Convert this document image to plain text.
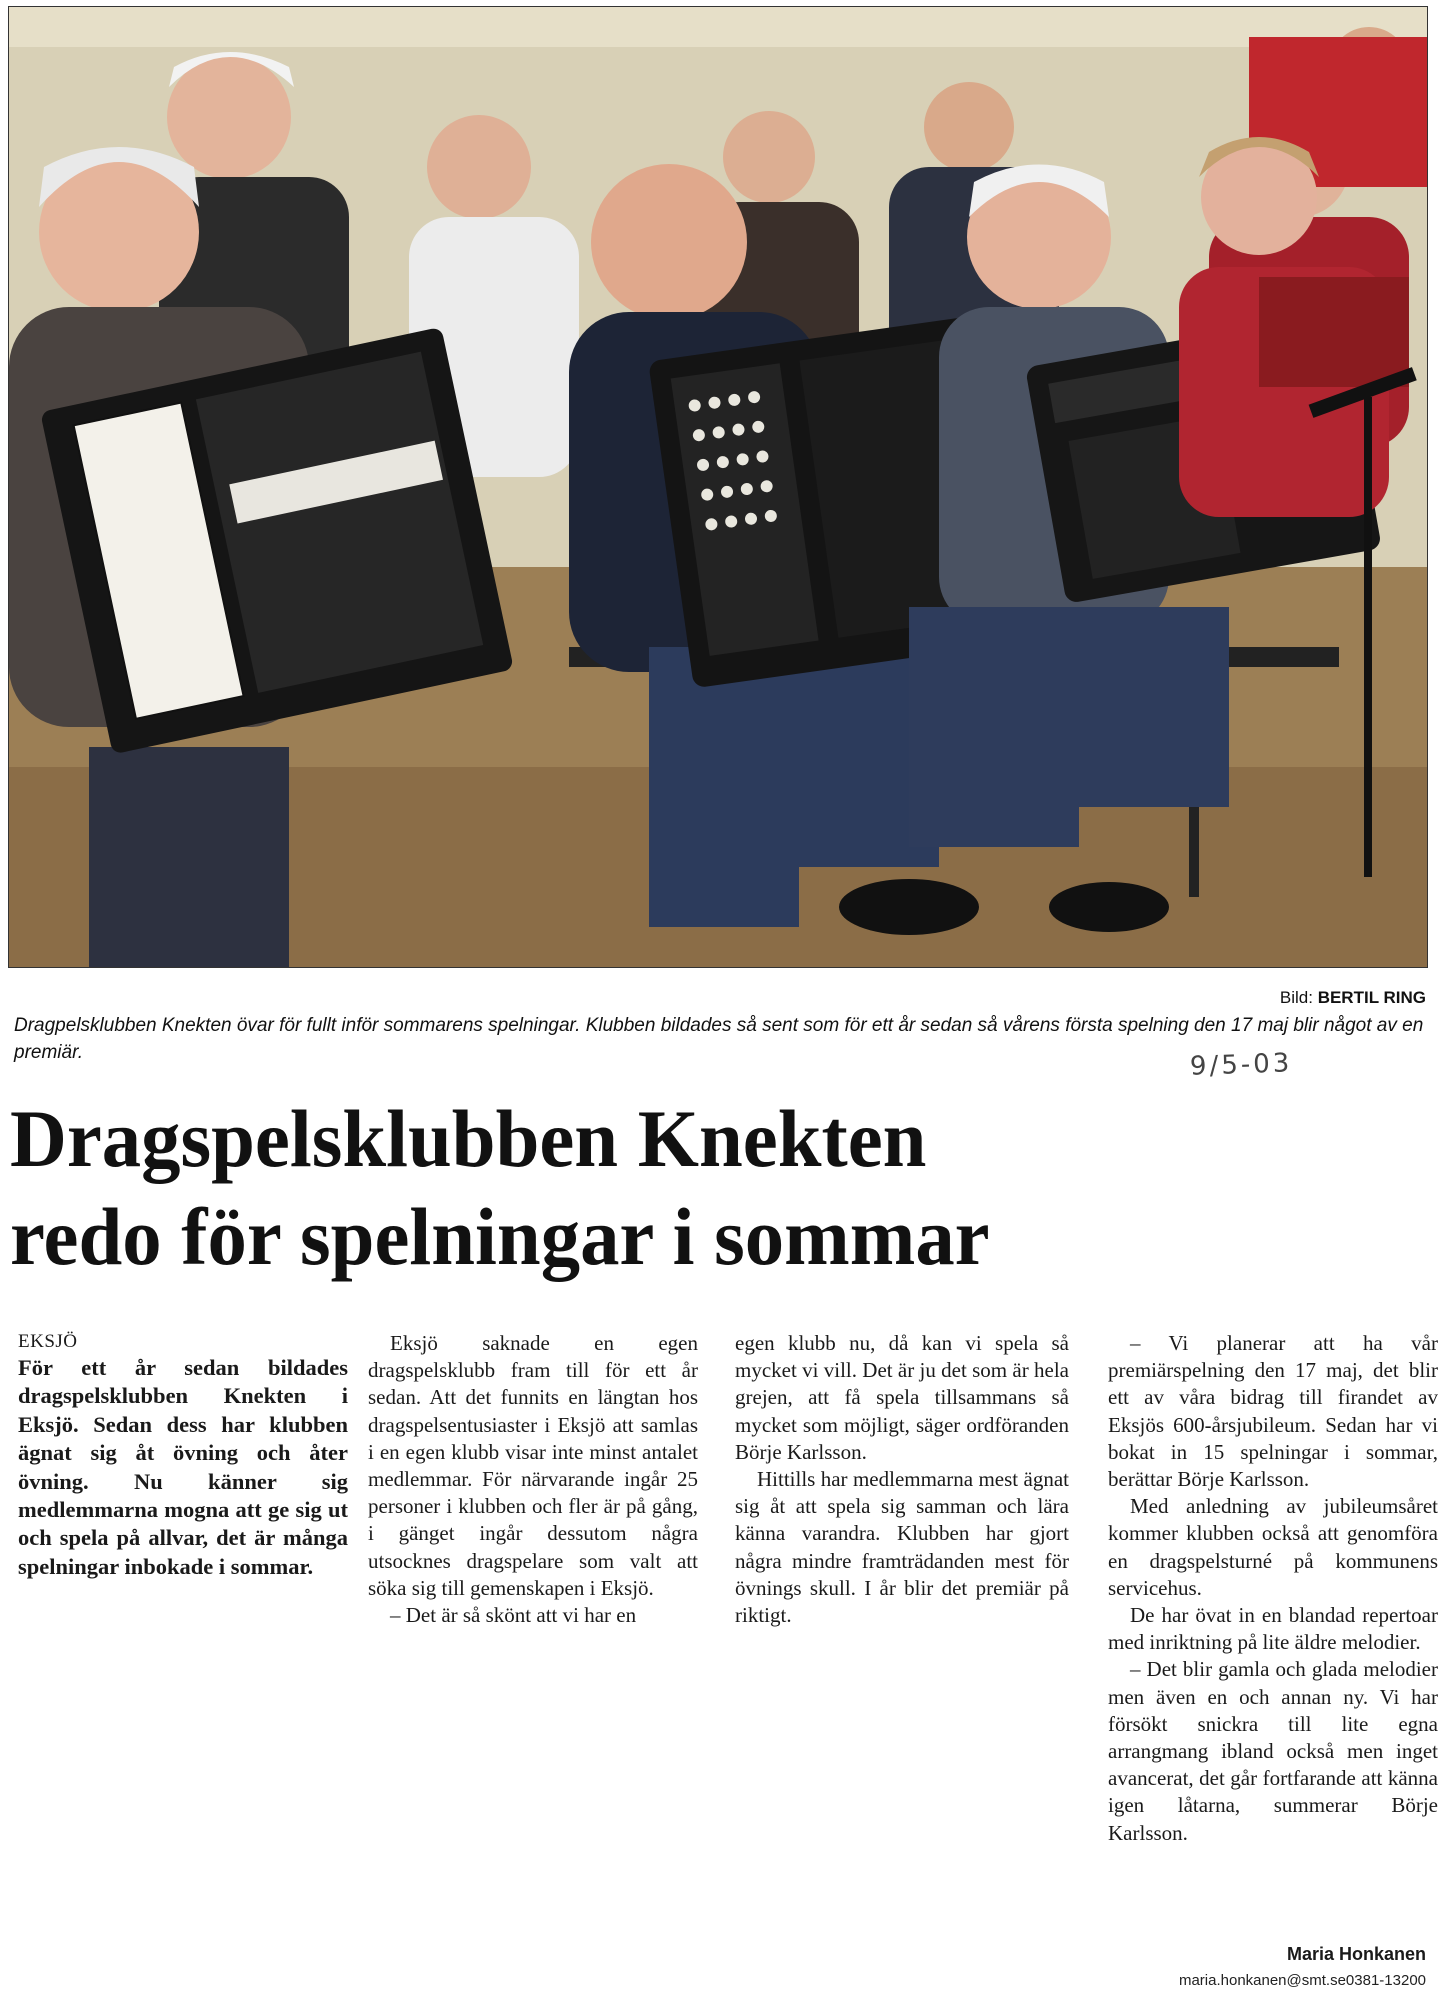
Bild: BERTIL RING
Dragpelsklubben Knekten övar för fullt inför sommarens spelningar. Klubben bildades så sent som för ett år sedan så vårens första spelning den 17 maj blir något av en premiär.	9/5-03
Dragspelsklubben Knekten
redo för spelningar i sommar

EKSJÖ

För ett år sedan bildades dragspelsklubben Knekten i Eksjö. Sedan dess har klubben ägnat sig åt övning och åter övning. Nu känner sig medlemmarna mogna att ge sig ut och spela på allvar, det är många spelningar inbokade i sommar.

Eksjö saknade en egen dragspelsklubb fram till för ett år sedan. Att det funnits en längtan hos dragspelsentusiaster i Eksjö att samlas i en egen klubb visar inte minst antalet medlemmar. För närvarande ingår 25 personer i klubben och fler är på gång, i gänget ingår dessutom några utsocknes dragspelare som valt att söka sig till gemenskapen i Eksjö.

– Det är så skönt att vi har en

egen klubb nu, då kan vi spela så mycket vi vill. Det är ju det som är hela grejen, att få spela tillsammans så mycket som möjligt, säger ordföranden Börje Karlsson.

Hittills har medlemmarna mest ägnat sig åt att spela sig samman och lära känna varandra. Klubben har gjort några mindre framträdanden mest för övnings skull. I år blir det premiär på riktigt.

– Vi planerar att ha vår premiärspelning den 17 maj, det blir ett av våra bidrag till firandet av Eksjös 600-årsjubileum. Sedan har vi bokat in 15 spelningar i sommar, berättar Börje Karlsson.

Med anledning av jubileumsåret kommer klubben också att genomföra en dragspelsturné på kommunens servicehus.

De har övat in en blandad repertoar med inriktning på lite äldre melodier.

– Det blir gamla och glada melodier men även en och annan ny. Vi har försökt snickra till lite egna arrangmang ibland också men inget avancerat, det går fortfarande att känna igen låtarna, summerar Börje Karlsson.

Maria Honkanen
maria.honkanen@smt.se0381-13200
